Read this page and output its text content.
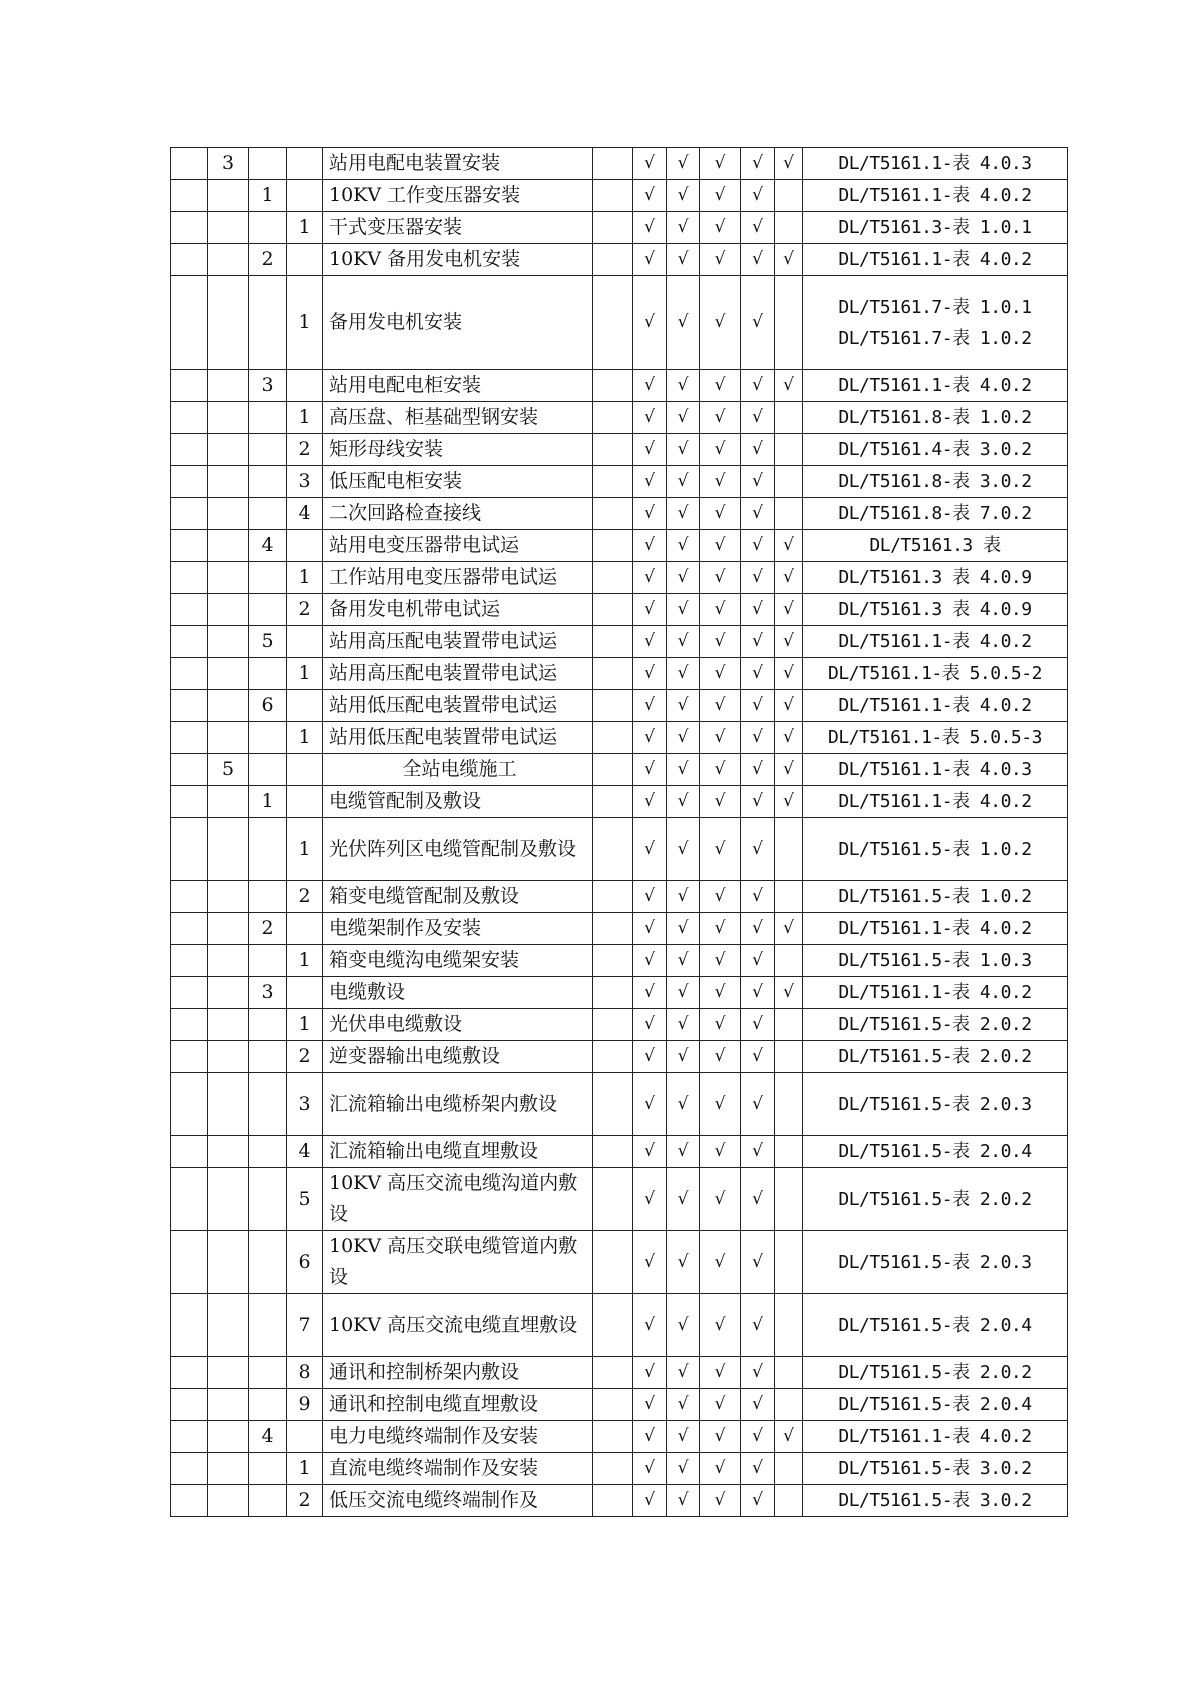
	3			站用电配电装置安装		√	√	√	√	√	DL/T5161.1-表 4.0.3
		1		10KV 工作变压器安装		√	√	√	√		DL/T5161.1-表 4.0.2
			1	干式变压器安装		√	√	√	√		DL/T5161.3-表 1.0.1
		2		10KV 备用发电机安装		√	√	√	√	√	DL/T5161.1-表 4.0.2
			1	备用发电机安装		√	√	√	√		DL/T5161.7-表 1.0.1 DL/T5161.7-表 1.0.2
		3		站用电配电柜安装		√	√	√	√	√	DL/T5161.1-表 4.0.2
			1	高压盘、柜基础型钢安装		√	√	√	√		DL/T5161.8-表 1.0.2
			2	矩形母线安装		√	√	√	√		DL/T5161.4-表 3.0.2
			3	低压配电柜安装		√	√	√	√		DL/T5161.8-表 3.0.2
			4	二次回路检查接线		√	√	√	√		DL/T5161.8-表 7.0.2
		4		站用电变压器带电试运		√	√	√	√	√	DL/T5161.3 表
			1	工作站用电变压器带电试运		√	√	√	√	√	DL/T5161.3 表 4.0.9
			2	备用发电机带电试运		√	√	√	√	√	DL/T5161.3 表 4.0.9
		5		站用高压配电装置带电试运		√	√	√	√	√	DL/T5161.1-表 4.0.2
			1	站用高压配电装置带电试运		√	√	√	√	√	DL/T5161.1-表 5.0.5-2
		6		站用低压配电装置带电试运		√	√	√	√	√	DL/T5161.1-表 4.0.2
			1	站用低压配电装置带电试运		√	√	√	√	√	DL/T5161.1-表 5.0.5-3
	5			全站电缆施工		√	√	√	√	√	DL/T5161.1-表 4.0.3
		1		电缆管配制及敷设		√	√	√	√	√	DL/T5161.1-表 4.0.2
			1	光伏阵列区电缆管配制及敷设		√	√	√	√		DL/T5161.5-表 1.0.2
			2	箱变电缆管配制及敷设		√	√	√	√		DL/T5161.5-表 1.0.2
		2		电缆架制作及安装		√	√	√	√	√	DL/T5161.1-表 4.0.2
			1	箱变电缆沟电缆架安装		√	√	√	√		DL/T5161.5-表 1.0.3
		3		电缆敷设		√	√	√	√	√	DL/T5161.1-表 4.0.2
			1	光伏串电缆敷设		√	√	√	√		DL/T5161.5-表 2.0.2
			2	逆变器输出电缆敷设		√	√	√	√		DL/T5161.5-表 2.0.2
			3	汇流箱输出电缆桥架内敷设		√	√	√	√		DL/T5161.5-表 2.0.3
			4	汇流箱输出电缆直埋敷设		√	√	√	√		DL/T5161.5-表 2.0.4
			5	10KV 高压交流电缆沟道内敷设		√	√	√	√		DL/T5161.5-表 2.0.2
			6	10KV 高压交联电缆管道内敷设		√	√	√	√		DL/T5161.5-表 2.0.3
			7	10KV 高压交流电缆直埋敷设		√	√	√	√		DL/T5161.5-表 2.0.4
			8	通讯和控制桥架内敷设		√	√	√	√		DL/T5161.5-表 2.0.2
			9	通讯和控制电缆直埋敷设		√	√	√	√		DL/T5161.5-表 2.0.4
		4		电力电缆终端制作及安装		√	√	√	√	√	DL/T5161.1-表 4.0.2
			1	直流电缆终端制作及安装		√	√	√	√		DL/T5161.5-表 3.0.2
			2	低压交流电缆终端制作及		√	√	√	√		DL/T5161.5-表 3.0.2
